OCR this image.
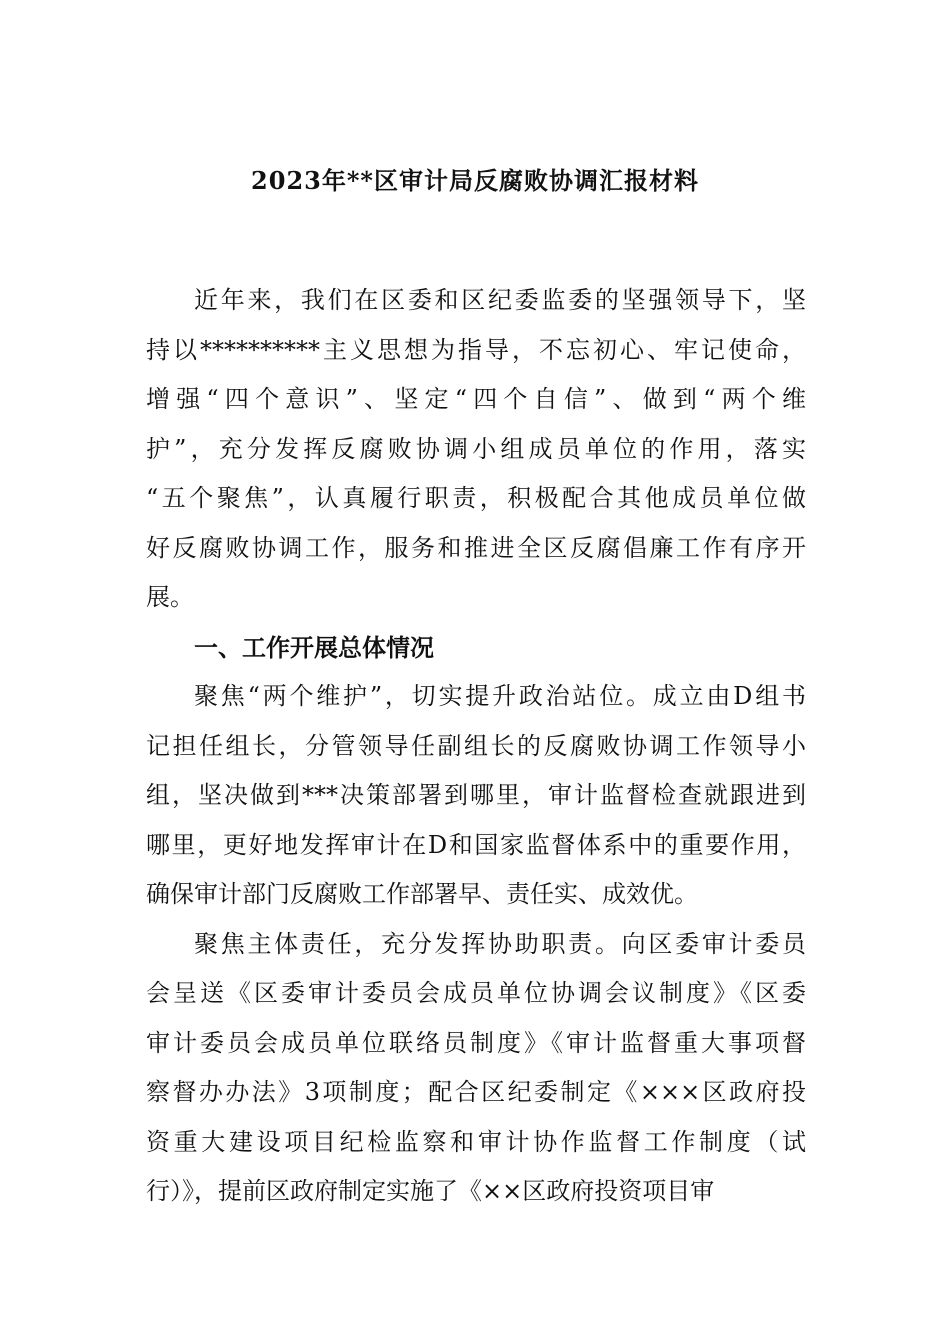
2023年**区审计局反腐败协调汇报材料
近年来，我们在区委和区纪委监委的坚强领导下，坚
持以**********主义思想为指导，不忘初心、牢记使命，
增强“四个意识”、坚定“四个自信”、做到“两个维
护”，充分发挥反腐败协调小组成员单位的作用，落实
“五个聚焦”，认真履行职责，积极配合其他成员单位做
好反腐败协调工作，服务和推进全区反腐倡廉工作有序开
展。
一、工作开展总体情况
聚焦“两个维护”，切实提升政治站位。成立由D组书
记担任组长，分管领导任副组长的反腐败协调工作领导小
组，坚决做到***决策部署到哪里，审计监督检查就跟进到
哪里，更好地发挥审计在D和国家监督体系中的重要作用，
确保审计部门反腐败工作部署早、责任实、成效优。
聚焦主体责任，充分发挥协助职责。向区委审计委员
会呈送《区委审计委员会成员单位协调会议制度》《区委
审计委员会成员单位联络员制度》《审计监督重大事项督
察督办办法》3项制度；配合区纪委制定《×××区政府投
资重大建设项目纪检监察和审计协作监督工作制度（试
行）》，提前区政府制定实施了《××区政府投资项目审
